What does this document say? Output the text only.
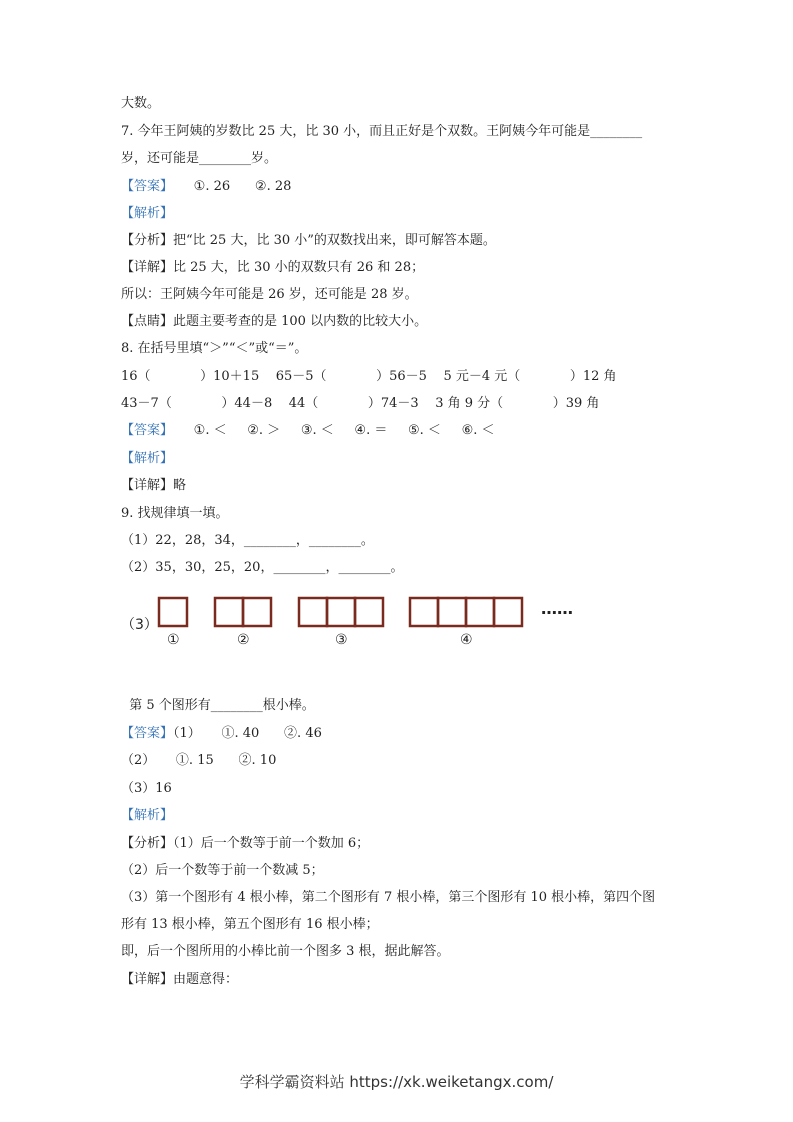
大数。
7. 今年王阿姨的岁数比 25 大，比 30 小，而且正好是个双数。王阿姨今年可能是________
岁，还可能是________岁。
【答案】     ①. 26      ②. 28
【解析】
【分析】把“比 25 大，比 30 小”的双数找出来，即可解答本题。
【详解】比 25 大，比 30 小的双数只有 26 和 28；
所以：王阿姨今年可能是 26 岁，还可能是 28 岁。
【点睛】此题主要考查的是 100 以内数的比较大小。
8. 在括号里填“＞”“＜”或“＝”。
16（            ）10＋15    65－5（            ）56－5    5 元－4 元（            ）12 角
43－7（            ）44－8    44（            ）74－3    3 角 9 分（            ）39 角
【答案】     ①. ＜     ②. ＞     ③. ＜     ④. ＝     ⑤. ＜     ⑥. ＜
【解析】
【详解】略
9. 找规律填一填。
（1）22，28，34，________，________。
（2）35，30，25，20，________，________。
第 5 个图形有________根小棒。
【答案】（1）     ①. 40      ②. 46
（2）     ①. 15      ②. 10
（3）16
【解析】
【分析】（1）后一个数等于前一个数加 6；
（2）后一个数等于前一个数减 5；
（3）第一个图形有 4 根小棒，第二个图形有 7 根小棒，第三个图形有 10 根小棒，第四个图
形有 13 根小棒，第五个图形有 16 根小棒；
即，后一个图所用的小棒比前一个图多 3 根，据此解答。
【详解】由题意得：
（3）
①	②	③	④
……
学科学霸资料站 https://xk.weiketangx.com/
